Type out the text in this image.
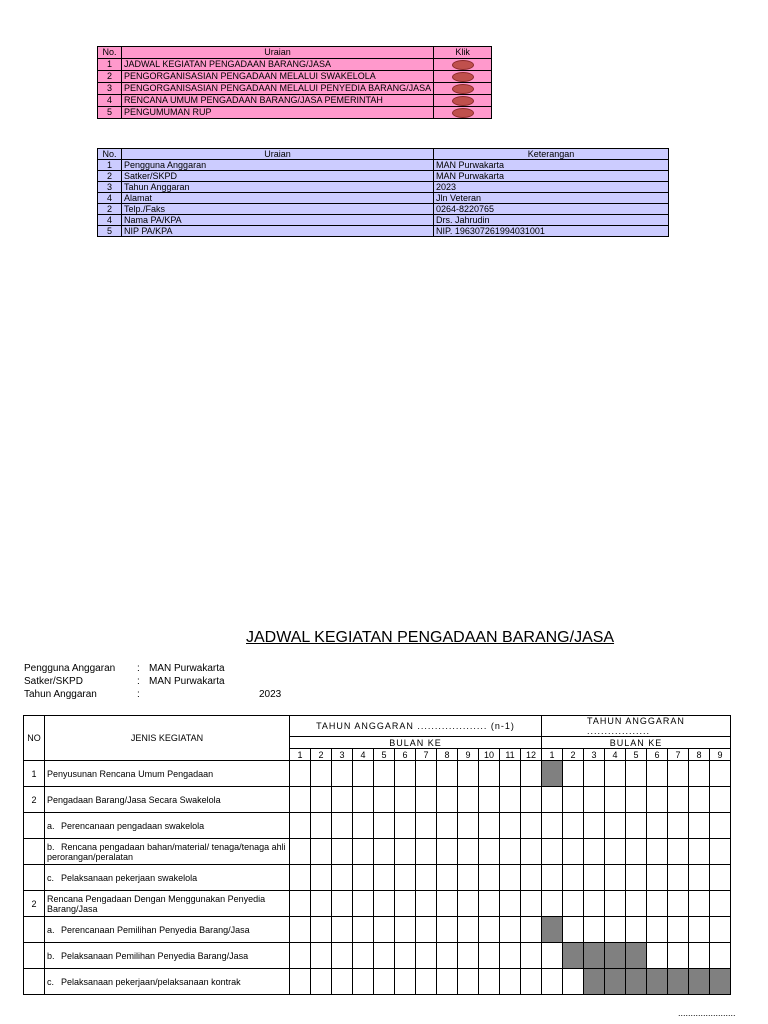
No.	Uraian	Klik
1	JADWAL KEGIATAN PENGADAAN BARANG/JASA	
2	PENGORGANISASIAN PENGADAAN MELALUI SWAKELOLA	
3	PENGORGANISASIAN PENGADAAN MELALUI PENYEDIA BARANG/JASA	
4	RENCANA UMUM PENGADAAN BARANG/JASA PEMERINTAH	
5	PENGUMUMAN RUP	
No.	Uraian	Keterangan
1	Pengguna Anggaran	MAN Purwakarta
2	Satker/SKPD	MAN Purwakarta
3	Tahun Anggaran	2023
4	Alamat	Jln Veteran
2	Telp./Faks	0264-8220765
4	Nama PA/KPA	Drs. Jahrudin
5	NIP PA/KPA	NIP. 196307261994031001
JADWAL KEGIATAN PENGADAAN BARANG/JASA
Pengguna Anggaran : MAN Purwakarta
Satker/SKPD	: MAN Purwakarta
Tahun Anggaran	:	2023
NO	JENIS KEGIATAN	TAHUN ANGGARAN .................... (n-1)												TAHUN ANGGARAN ..................								
		BULAN KE												BULAN KE								
		1	2	3	4	5	6	7	8	9	10	11	12	1	2	3	4	5	6	7	8	9
1	Penyusunan Rencana Umum Pengadaan																					
2	Pengadaan Barang/Jasa Secara Swakelola																					
	a. Perencanaan pengadaan swakelola																					
	b. Rencana pengadaan bahan/material/ tenaga/tenaga ahli perorangan/peralatan																					
	c. Pelaksanaan pekerjaan swakelola																					
2	Rencana Pengadaan Dengan Menggunakan Penyedia Barang/Jasa																					
	a. Perencanaan Pemilihan Penyedia Barang/Jasa																					
	b. Pelaksanaan Pemilihan Penyedia Barang/Jasa																					
	c. Pelaksanaan pekerjaan/pelaksanaan kontrak																					
.......................
